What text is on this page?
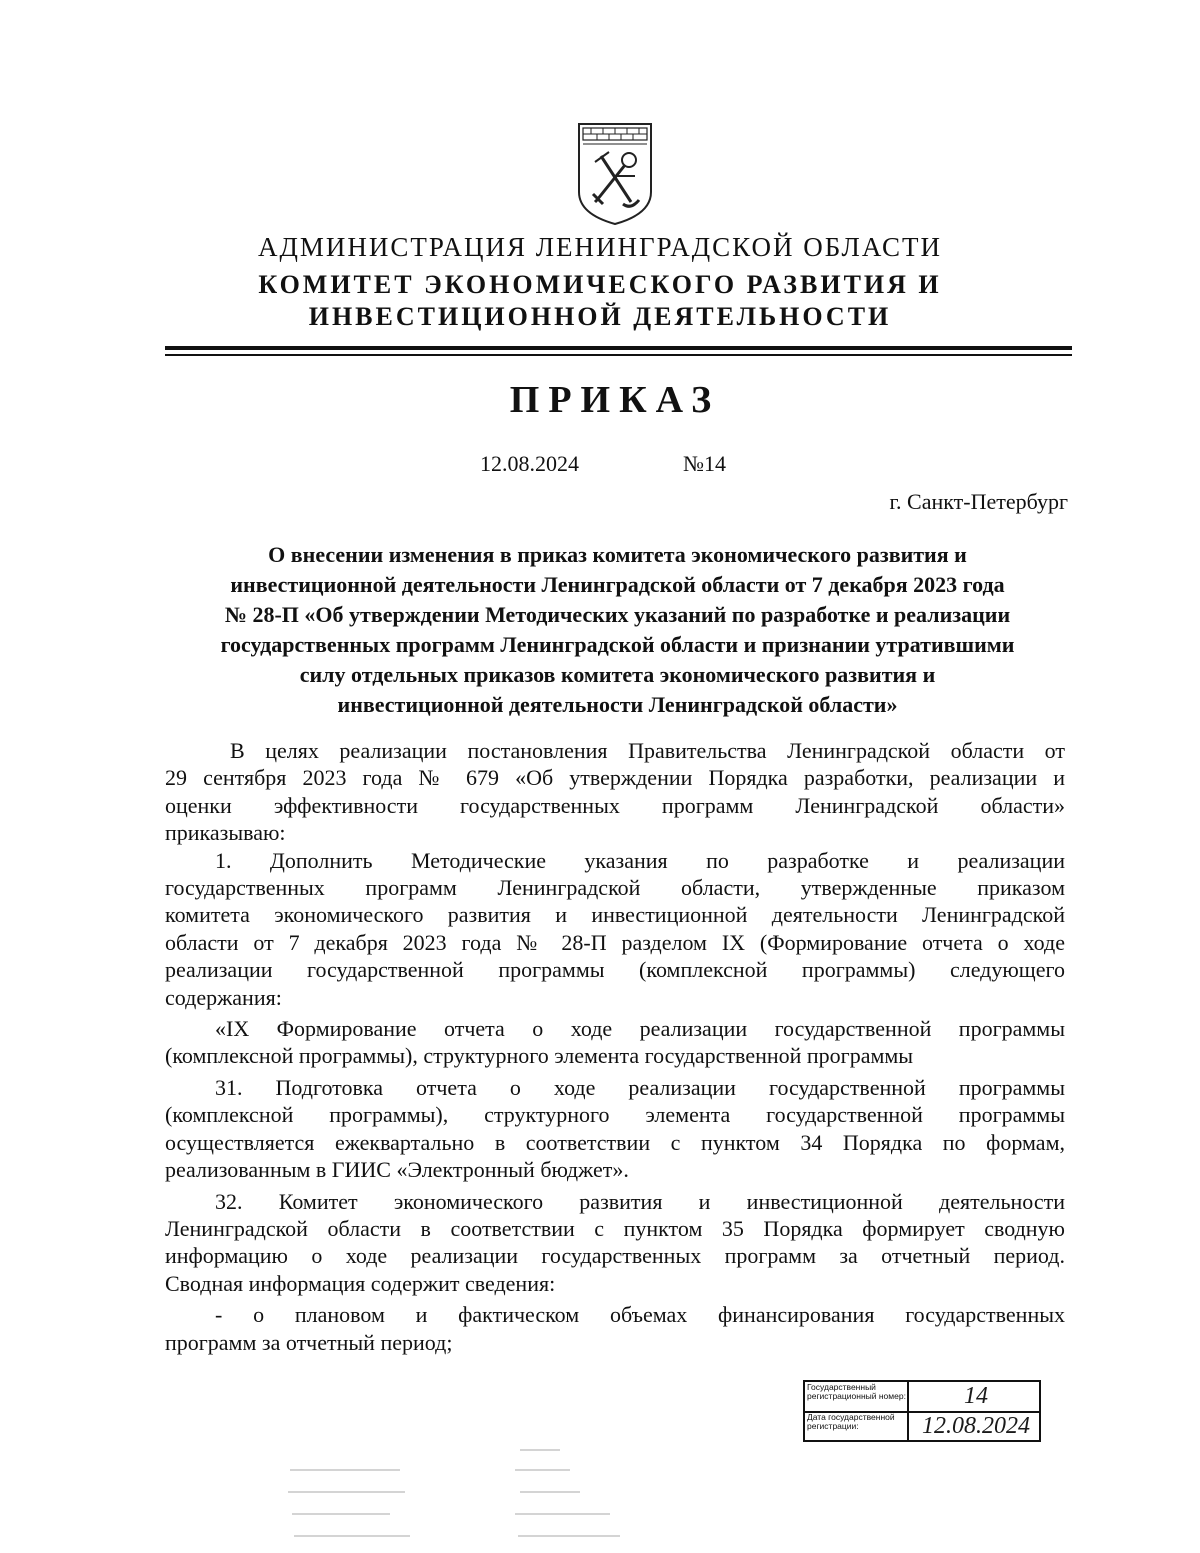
АДМИНИСТРАЦИЯ ЛЕНИНГРАДСКОЙ ОБЛАСТИ
КОМИТЕТ ЭКОНОМИЧЕСКОГО РАЗВИТИЯ И
ИНВЕСТИЦИОННОЙ ДЕЯТЕЛЬНОСТИ
ПРИКАЗ
12.08.2024	№14
г. Санкт-Петербург
О внесении изменения в приказ комитета экономического развития и
инвестиционной деятельности Ленинградской области от 7 декабря 2023 года
№ 28-П «Об утверждении Методических указаний по разработке и реализации
государственных программ Ленинградской области и признании утратившими
силу отдельных приказов комитета экономического развития и
инвестиционной деятельности Ленинградской области»
В целях реализации постановления Правительства Ленинградской области от
29 сентября 2023 года № 679 «Об утверждении Порядка разработки, реализации и
оценки эффективности государственных программ Ленинградской области»
приказываю:
1. Дополнить Методические указания по разработке и реализации
государственных программ Ленинградской области, утвержденные приказом
комитета экономического развития и инвестиционной деятельности Ленинградской
области от 7 декабря 2023 года № 28-П разделом IX (Формирование отчета о ходе
реализации государственной программы (комплексной программы) следующего
содержания:
«IX Формирование отчета о ходе реализации государственной программы
(комплексной программы), структурного элемента государственной программы
31. Подготовка отчета о ходе реализации государственной программы
(комплексной программы), структурного элемента государственной программы
осуществляется ежеквартально в соответствии с пунктом 34 Порядка по формам,
реализованным в ГИИС «Электронный бюджет».
32. Комитет экономического развития и инвестиционной деятельности
Ленинградской области в соответствии с пунктом 35 Порядка формирует сводную
информацию о ходе реализации государственных программ за отчетный период.
Сводная информация содержит сведения:
- о плановом и фактическом объемах финансирования государственных
программ за отчетный период;
Государственный регистрационный номер:	14
Дата государственной регистрации:	12.08.2024
